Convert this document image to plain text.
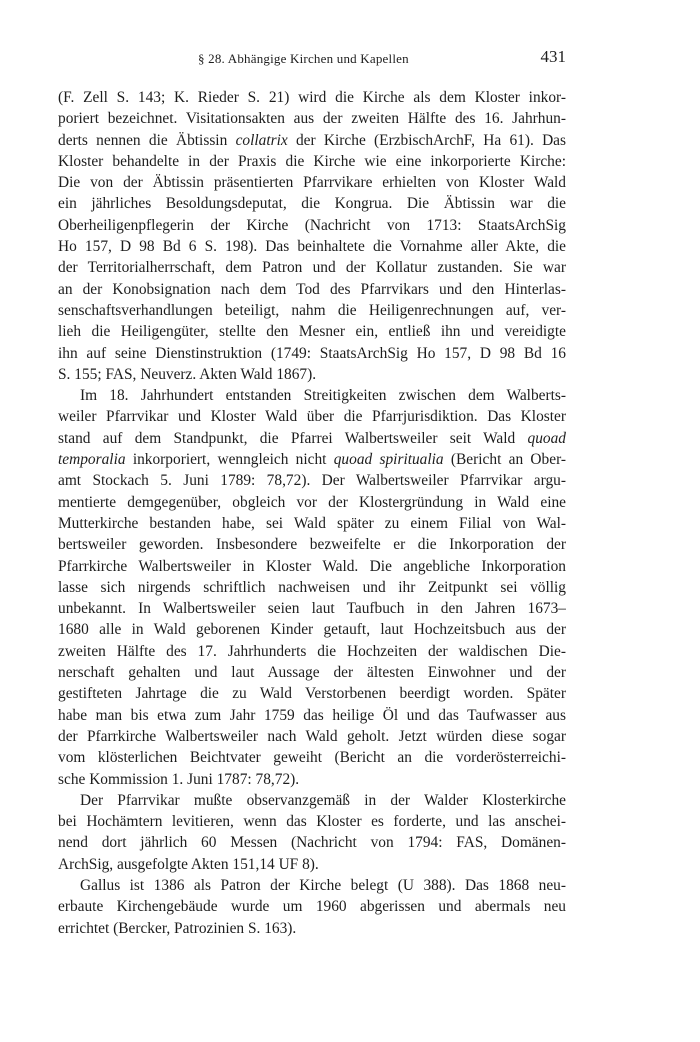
§ 28. Abhängige Kirchen und Kapellen	431
(F. Zell S. 143; K. Rieder S. 21) wird die Kirche als dem Kloster inkor-
poriert bezeichnet. Visitationsakten aus der zweiten Hälfte des 16. Jahrhun-
derts nennen die Äbtissin collatrix der Kirche (ErzbischArchF, Ha 61). Das
Kloster behandelte in der Praxis die Kirche wie eine inkorporierte Kirche:
Die von der Äbtissin präsentierten Pfarrvikare erhielten von Kloster Wald
ein jährliches Besoldungsdeputat, die Kongrua. Die Äbtissin war die
Oberheiligenpflegerin der Kirche (Nachricht von 1713: StaatsArchSig
Ho 157, D 98 Bd 6 S. 198). Das beinhaltete die Vornahme aller Akte, die
der Territorialherrschaft, dem Patron und der Kollatur zustanden. Sie war
an der Konobsignation nach dem Tod des Pfarrvikars und den Hinterlas-
senschaftsverhandlungen beteiligt, nahm die Heiligenrechnungen auf, ver-
lieh die Heiligengüter, stellte den Mesner ein, entließ ihn und vereidigte
ihn auf seine Dienstinstruktion (1749: StaatsArchSig Ho 157, D 98 Bd 16
S. 155; FAS, Neuverz. Akten Wald 1867).
Im 18. Jahrhundert entstanden Streitigkeiten zwischen dem Walberts-
weiler Pfarrvikar und Kloster Wald über die Pfarrjurisdiktion. Das Kloster
stand auf dem Standpunkt, die Pfarrei Walbertsweiler seit Wald quoad
temporalia inkorporiert, wenngleich nicht quoad spiritualia (Bericht an Ober-
amt Stockach 5. Juni 1789: 78,72). Der Walbertsweiler Pfarrvikar argu-
mentierte demgegenüber, obgleich vor der Klostergründung in Wald eine
Mutterkirche bestanden habe, sei Wald später zu einem Filial von Wal-
bertsweiler geworden. Insbesondere bezweifelte er die Inkorporation der
Pfarrkirche Walbertsweiler in Kloster Wald. Die angebliche Inkorporation
lasse sich nirgends schriftlich nachweisen und ihr Zeitpunkt sei völlig
unbekannt. In Walbertsweiler seien laut Taufbuch in den Jahren 1673–
1680 alle in Wald geborenen Kinder getauft, laut Hochzeitsbuch aus der
zweiten Hälfte des 17. Jahrhunderts die Hochzeiten der waldischen Die-
nerschaft gehalten und laut Aussage der ältesten Einwohner und der
gestifteten Jahrtage die zu Wald Verstorbenen beerdigt worden. Später
habe man bis etwa zum Jahr 1759 das heilige Öl und das Taufwasser aus
der Pfarrkirche Walbertsweiler nach Wald geholt. Jetzt würden diese sogar
vom klösterlichen Beichtvater geweiht (Bericht an die vorderösterreichi-
sche Kommission 1. Juni 1787: 78,72).
Der Pfarrvikar mußte observanzgemäß in der Walder Klosterkirche
bei Hochämtern levitieren, wenn das Kloster es forderte, und las anschei-
nend dort jährlich 60 Messen (Nachricht von 1794: FAS, Domänen-
ArchSig, ausgefolgte Akten 151,14 UF 8).
Gallus ist 1386 als Patron der Kirche belegt (U 388). Das 1868 neu-
erbaute Kirchengebäude wurde um 1960 abgerissen und abermals neu
errichtet (Bercker, Patrozinien S. 163).
